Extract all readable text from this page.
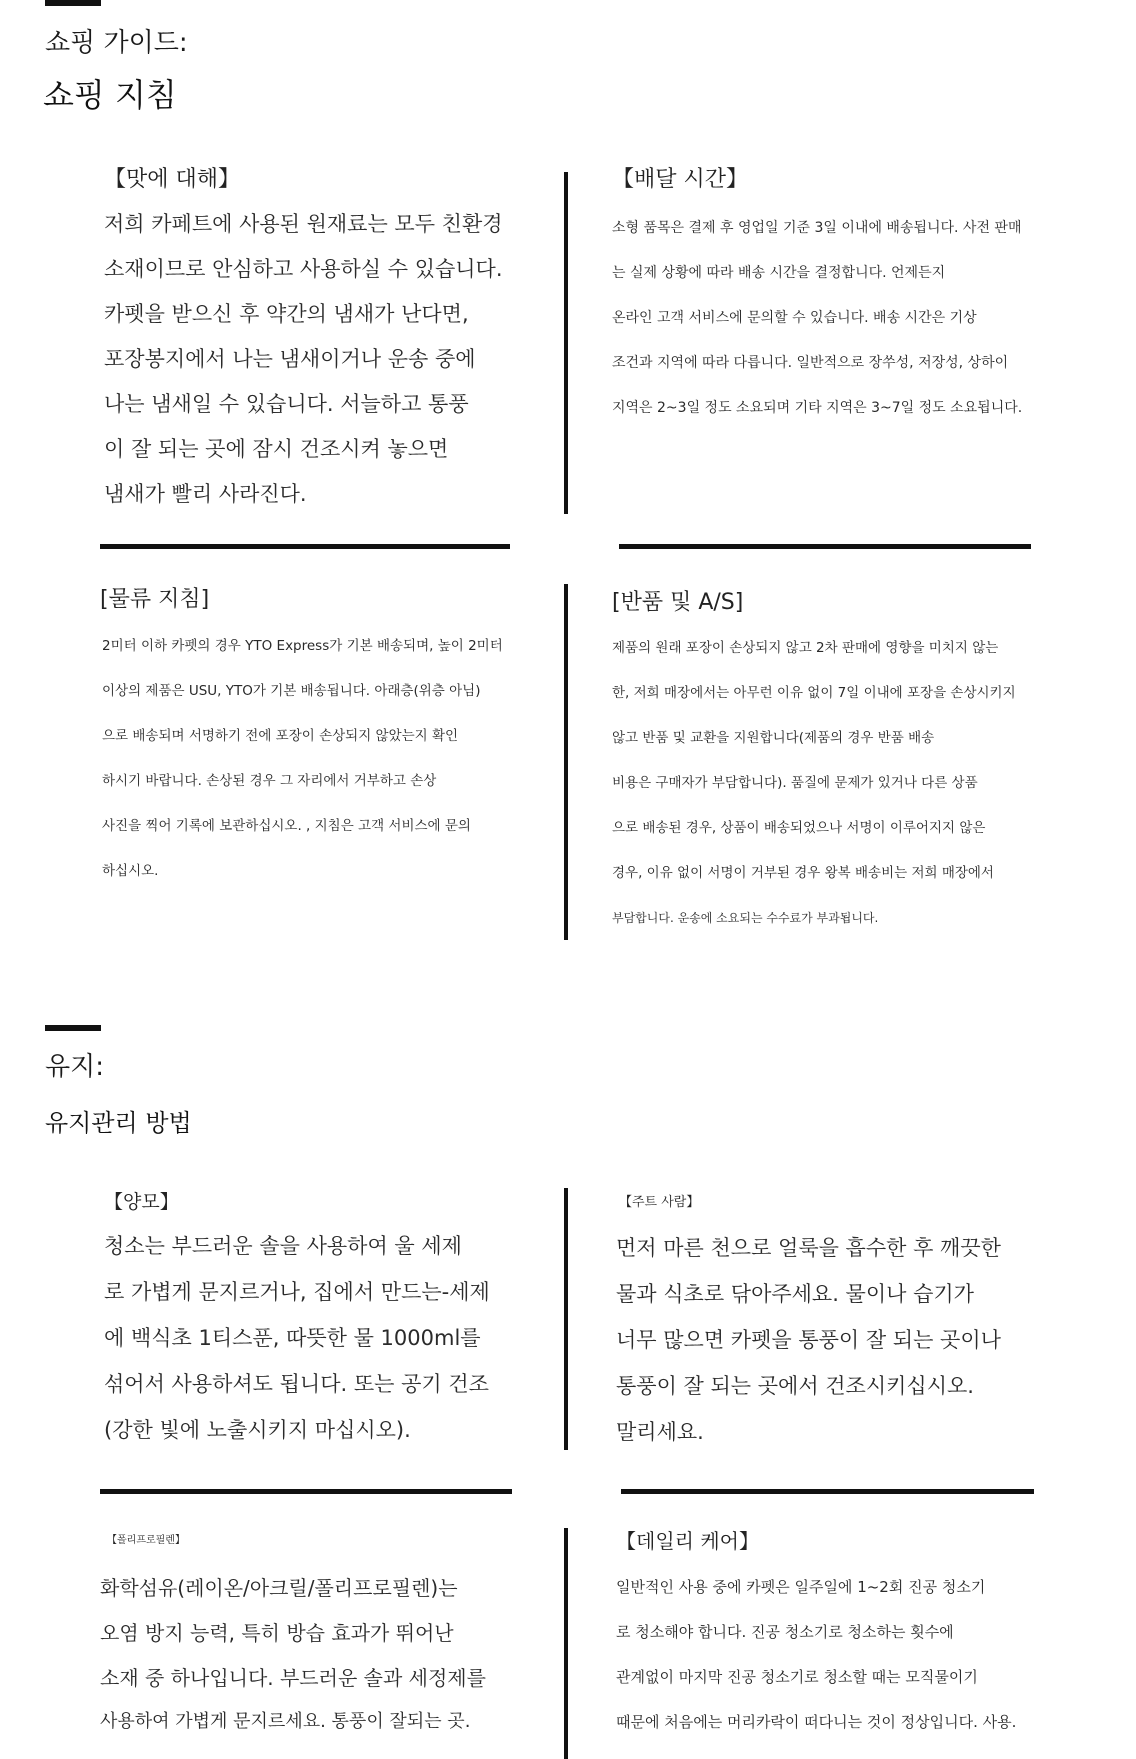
쇼핑 가이드:
쇼핑 지침
【맛에 대해】
저희 카페트에 사용된 원재료는 모두 친환경
소재이므로 안심하고 사용하실 수 있습니다.
카펫을 받으신 후 약간의 냄새가 난다면,
포장봉지에서 나는 냄새이거나 운송 중에
나는 냄새일 수 있습니다. 서늘하고 통풍
이 잘 되는 곳에 잠시 건조시켜 놓으면
냄새가 빨리 사라진다.
【배달 시간】
소형 품목은 결제 후 영업일 기준 3일 이내에 배송됩니다. 사전 판매
는 실제 상황에 따라 배송 시간을 결정합니다. 언제든지
온라인 고객 서비스에 문의할 수 있습니다. 배송 시간은 기상
조건과 지역에 따라 다릅니다. 일반적으로 장쑤성, 저장성, 상하이
지역은 2~3일 정도 소요되며 기타 지역은 3~7일 정도 소요됩니다.
[물류 지침]
2미터 이하 카펫의 경우 YTO Express가 기본 배송되며, 높이 2미터
이상의 제품은 USU, YTO가 기본 배송됩니다. 아래층(위층 아님)
으로 배송되며 서명하기 전에 포장이 손상되지 않았는지 확인
하시기 바랍니다. 손상된 경우 그 자리에서 거부하고 손상
사진을 찍어 기록에 보관하십시오. , 지침은 고객 서비스에 문의
하십시오.
[반품 및 A/S]
제품의 원래 포장이 손상되지 않고 2차 판매에 영향을 미치지 않는
한, 저희 매장에서는 아무런 이유 없이 7일 이내에 포장을 손상시키지
않고 반품 및 교환을 지원합니다(제품의 경우 반품 배송
비용은 구매자가 부담합니다). 품질에 문제가 있거나 다른 상품
으로 배송된 경우, 상품이 배송되었으나 서명이 이루어지지 않은
경우, 이유 없이 서명이 거부된 경우 왕복 배송비는 저희 매장에서
부담합니다. 운송에 소요되는 수수료가 부과됩니다.
유지:
유지관리 방법
【양모】
청소는 부드러운 솔을 사용하여 울 세제
로 가볍게 문지르거나, 집에서 만드는-세제
에 백식초 1티스푼, 따뜻한 물 1000ml를
섞어서 사용하셔도 됩니다. 또는 공기 건조
(강한 빛에 노출시키지 마십시오).
【주트 사람】
먼저 마른 천으로 얼룩을 흡수한 후 깨끗한
물과 식초로 닦아주세요. 물이나 습기가
너무 많으면 카펫을 통풍이 잘 되는 곳이나
통풍이 잘 되는 곳에서 건조시키십시오.
말리세요.
【폴리프로필렌】
화학섬유(레이온/아크릴/폴리프로필렌)는
오염 방지 능력, 특히 방습 효과가 뛰어난
소재 중 하나입니다. 부드러운 솔과 세정제를
사용하여 가볍게 문지르세요. 통풍이 잘되는 곳.
【데일리 케어】
일반적인 사용 중에 카펫은 일주일에 1~2회 진공 청소기
로 청소해야 합니다. 진공 청소기로 청소하는 횟수에
관계없이 마지막 진공 청소기로 청소할 때는 모직물이기
때문에 처음에는 머리카락이 떠다니는 것이 정상입니다. 사용.
